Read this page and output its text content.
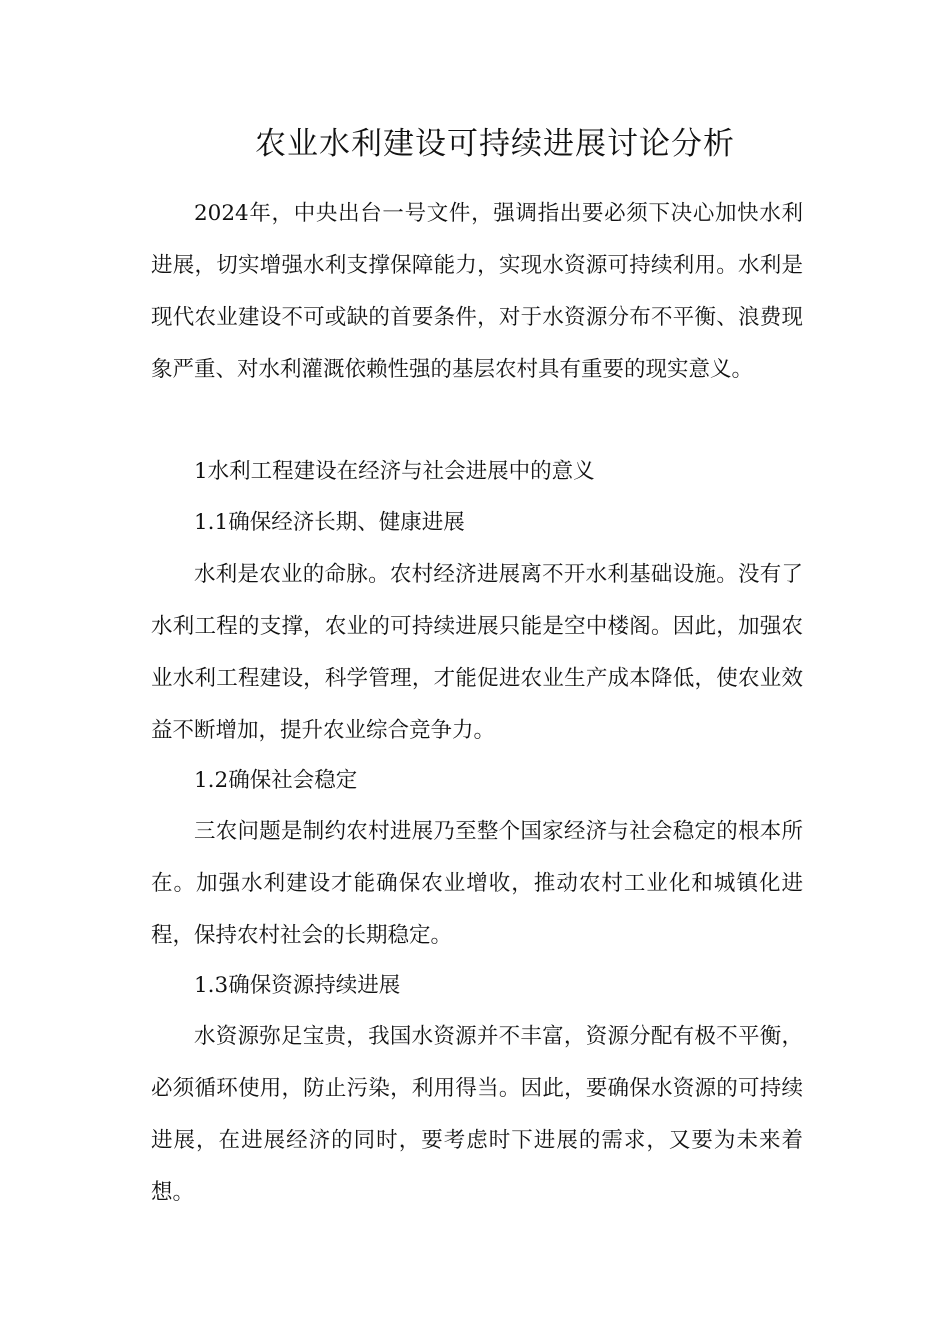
农业水利建设可持续进展讨论分析

2024年，中央出台一号文件，强调指出要必须下决心加快水利进展，切实增强水利支撑保障能力，实现水资源可持续利用。水利是现代农业建设不可或缺的首要条件，对于水资源分布不平衡、浪费现象严重、对水利灌溉依赖性强的基层农村具有重要的现实意义。

1水利工程建设在经济与社会进展中的意义

1.1确保经济长期、健康进展

水利是农业的命脉。农村经济进展离不开水利基础设施。没有了水利工程的支撑，农业的可持续进展只能是空中楼阁。因此，加强农业水利工程建设，科学管理，才能促进农业生产成本降低，使农业效益不断增加，提升农业综合竞争力。

1.2确保社会稳定

三农问题是制约农村进展乃至整个国家经济与社会稳定的根本所在。加强水利建设才能确保农业增收，推动农村工业化和城镇化进程，保持农村社会的长期稳定。

1.3确保资源持续进展

水资源弥足宝贵，我国水资源并不丰富，资源分配有极不平衡，必须循环使用，防止污染，利用得当。因此，要确保水资源的可持续进展，在进展经济的同时，要考虑时下进展的需求，又要为未来着想。
